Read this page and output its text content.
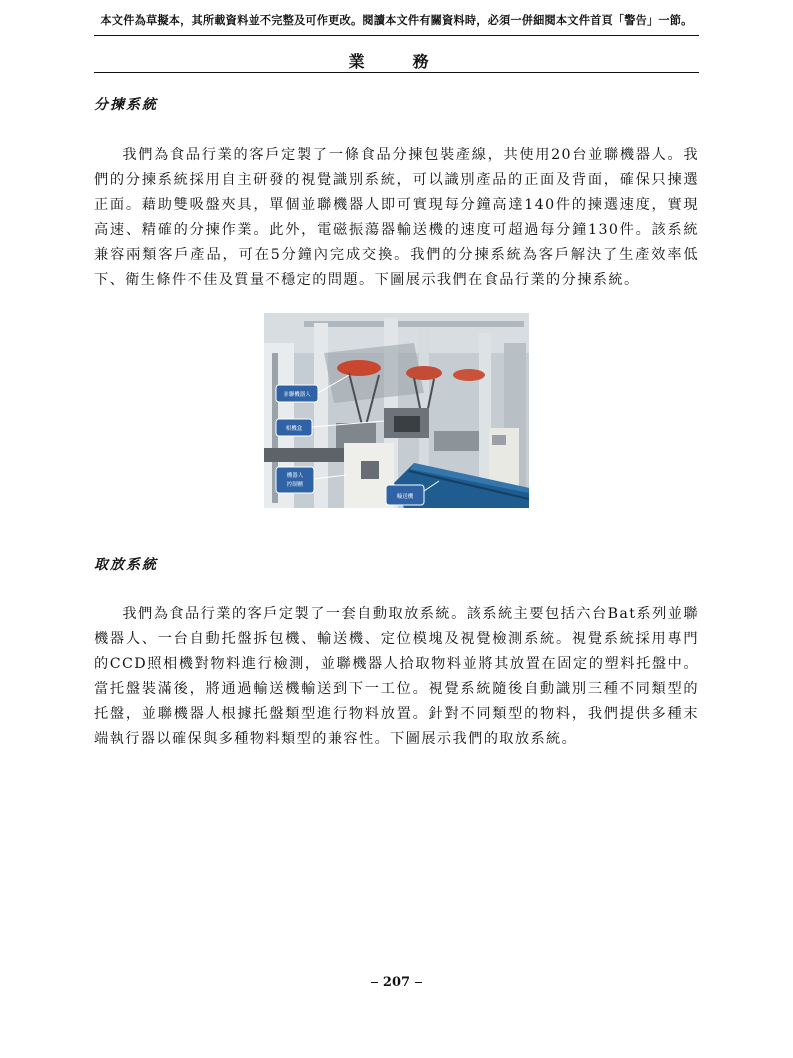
本文件為草擬本，其所載資料並不完整及可作更改。閱讀本文件有關資料時，必須一併細閱本文件首頁「警告」一節。
業　務
分揀系統

我們為食品行業的客戶定製了一條食品分揀包裝產線，共使用20台並聯機器人。我們的分揀系統採用自主研發的視覺識別系統，可以識別產品的正面及背面，確保只揀選正面。藉助雙吸盤夾具，單個並聯機器人即可實現每分鐘高達140件的揀選速度，實現高速、精確的分揀作業。此外，電磁振蕩器輸送機的速度可超過每分鐘130件。該系統兼容兩類客戶產品，可在5分鐘內完成交換。我們的分揀系統為客戶解決了生產效率低下、衛生條件不佳及質量不穩定的問題。下圖展示我們在食品行業的分揀系統。

並聯機器人
相機盒
機器人
控制櫃
輸送機
取放系統

我們為食品行業的客戶定製了一套自動取放系統。該系統主要包括六台Bat系列並聯機器人、一台自動托盤拆包機、輸送機、定位模塊及視覺檢測系統。視覺系統採用專門的CCD照相機對物料進行檢測，並聯機器人拾取物料並將其放置在固定的塑料托盤中。當托盤裝滿後，將通過輸送機輸送到下一工位。視覺系統隨後自動識別三種不同類型的托盤，並聯機器人根據托盤類型進行物料放置。針對不同類型的物料，我們提供多種末端執行器以確保與多種物料類型的兼容性。下圖展示我們的取放系統。

207
